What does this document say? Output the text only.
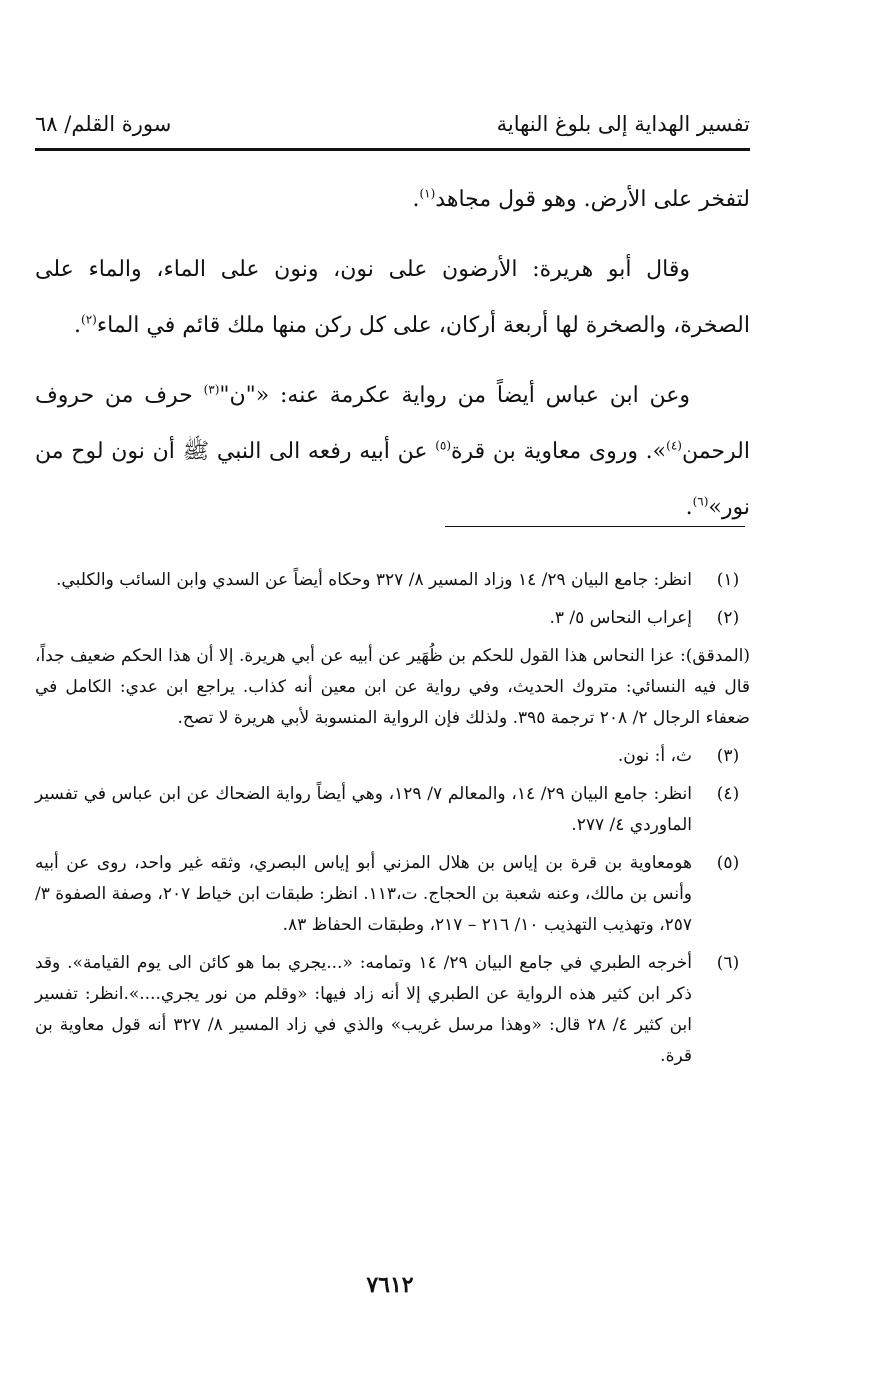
تفسير الهداية إلى بلوغ النهاية
سورة القلم/ ٦٨

لتفخر على الأرض. وهو قول مجاهد$^{(١)}$.

وقال أبو هريرة: الأرضون على نون، ونون على الماء، والماء على الصخرة، والصخرة لها أربعة أركان، على كل ركن منها ملك قائم في الماء$^{(٢)}$.

وعن ابن عباس أيضاً من رواية عكرمة عنه: «"ن"$^{(٣)}$ حرف من حروف الرحمن$^{(٤)}$». وروى معاوية بن قرة$^{(٥)}$ عن أبيه رفعه الى النبي ﷺ أن نون لوح من نور»$^{(٦)}$.

(١)
انظر: جامع البيان ٢٩/ ١٤ وزاد المسير ٨/ ٣٢٧ وحكاه أيضاً عن السدي وابن السائب والكلبي.
(٢)
إعراب النحاس ٥/ ٣.
(المدقق): عزا النحاس هذا القول للحكم بن ظُهَير عن أبيه عن أبي هريرة. إلا أن هذا الحكم ضعيف جداً، قال فيه النسائي: متروك الحديث، وفي رواية عن ابن معين أنه كذاب. يراجع ابن عدي: الكامل في ضعفاء الرجال ٢/ ٢٠٨ ترجمة ٣٩٥. ولذلك فإن الرواية المنسوبة لأبي هريرة لا تصح.
(٣)
ث، أ: نون.
(٤)
انظر: جامع البيان ٢٩/ ١٤، والمعالم ٧/ ١٢٩، وهي أيضاً رواية الضحاك عن ابن عباس في تفسير الماوردي ٤/ ٢٧٧.
(٥)
هومعاوية بن قرة بن إياس بن هلال المزني أبو إياس البصري، وثقه غير واحد، روى عن أبيه وأنس بن مالك، وعنه شعبة بن الحجاج. ت،١١٣. انظر: طبقات ابن خياط ٢٠٧، وصفة الصفوة ٣/ ٢٥٧، وتهذيب التهذيب ١٠/ ٢١٦ – ٢١٧، وطبقات الحفاظ ٨٣.
(٦)
أخرجه الطبري في جامع البيان ٢٩/ ١٤ وتمامه: «...يجري بما هو كائن الى يوم القيامة». وقد ذكر ابن كثير هذه الرواية عن الطبري إلا أنه زاد فيها: «وقلم من نور يجري....».انظر: تفسير ابن كثير ٤/ ٢٨ قال: «وهذا مرسل غريب» والذي في زاد المسير ٨/ ٣٢٧ أنه قول معاوية بن قرة.
٧٦١٢
